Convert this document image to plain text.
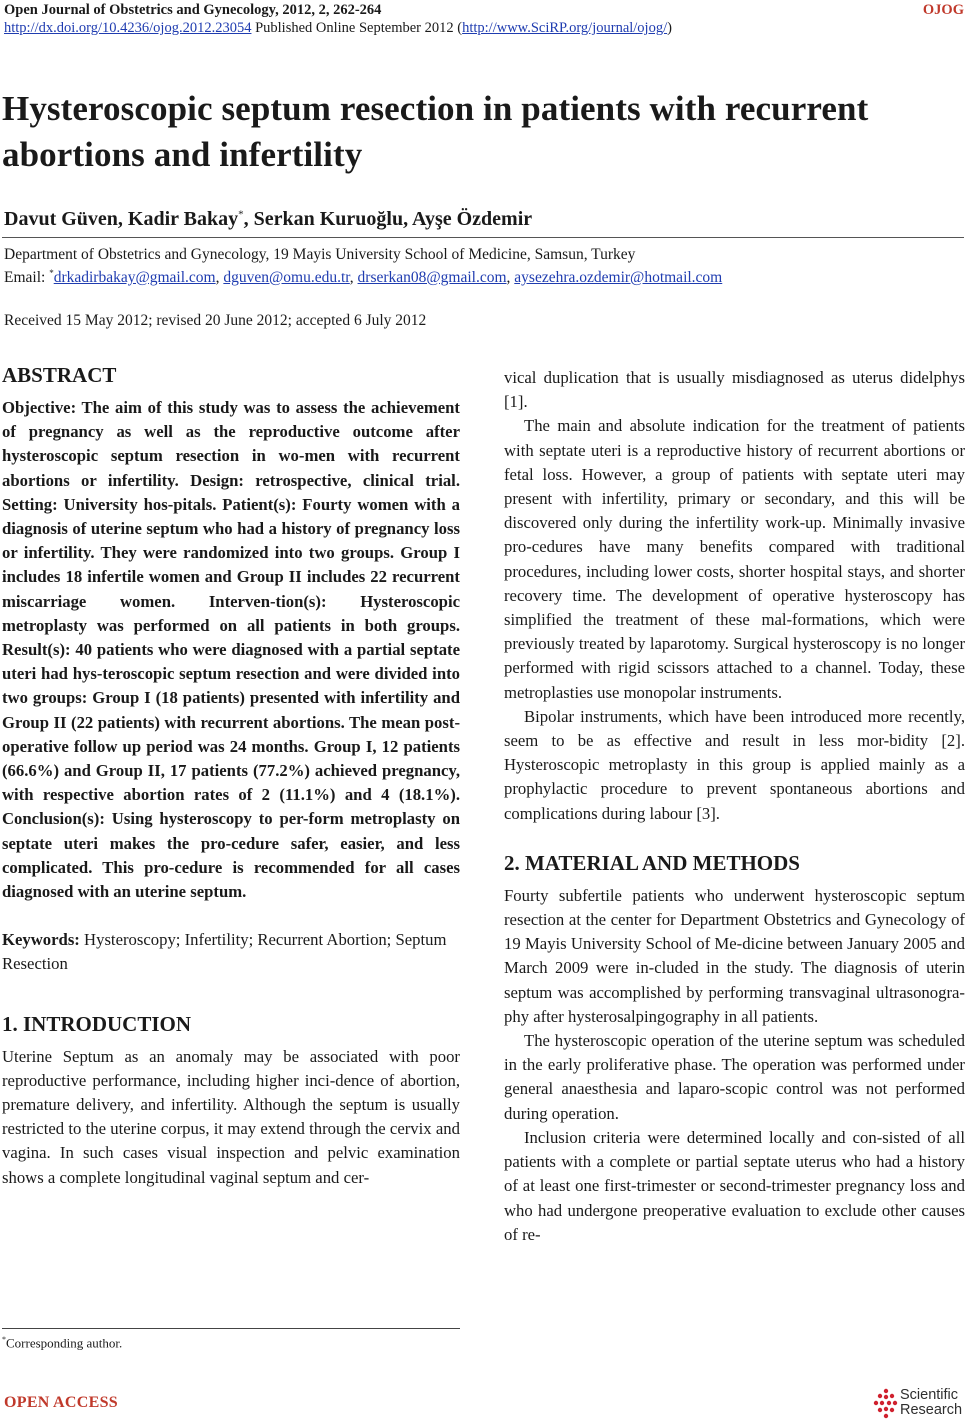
Open Journal of Obstetrics and Gynecology, 2012, 2, 262-264	OJOG
http://dx.doi.org/10.4236/ojog.2012.23054 Published Online September 2012 (http://www.SciRP.org/journal/ojog/)
Hysteroscopic septum resection in patients with recurrent abortions and infertility
Davut Güven, Kadir Bakay*, Serkan Kuruoğlu, Ayşe Özdemir
Department of Obstetrics and Gynecology, 19 Mayis University School of Medicine, Samsun, Turkey
Email: *drkadirbakay@gmail.com, dguven@omu.edu.tr, drserkan08@gmail.com, aysezehra.ozdemir@hotmail.com
Received 15 May 2012; revised 20 June 2012; accepted 6 July 2012
ABSTRACT

Objective: The aim of this study was to assess the achievement of pregnancy as well as the reproductive outcome after hysteroscopic septum resection in wo-men with recurrent abortions or infertility. Design: retrospective, clinical trial. Setting: University hos-pitals. Patient(s): Fourty women with a diagnosis of uterine septum who had a history of pregnancy loss or infertility. They were randomized into two groups. Group I includes 18 infertile women and Group II includes 22 recurrent miscarriage women. Interven-tion(s): Hysteroscopic metroplasty was performed on all patients in both groups. Result(s): 40 patients who were diagnosed with a partial septate uteri had hys-teroscopic septum resection and were divided into two groups: Group I (18 patients) presented with infertility and Group II (22 patients) with recurrent abortions. The mean post-operative follow up period was 24 months. Group I, 12 patients (66.6%) and Group II, 17 patients (77.2%) achieved pregnancy, with respective abortion rates of 2 (11.1%) and 4 (18.1%). Conclusion(s): Using hysteroscopy to per-form metroplasty on septate uteri makes the pro-cedure safer, easier, and less complicated. This pro-cedure is recommended for all cases diagnosed with an uterine septum.

Keywords: Hysteroscopy; Infertility; Recurrent Abortion; Septum Resection

1. INTRODUCTION

Uterine Septum as an anomaly may be associated with poor reproductive performance, including higher inci-dence of abortion, premature delivery, and infertility. Although the septum is usually restricted to the uterine corpus, it may extend through the cervix and vagina. In such cases visual inspection and pelvic examination shows a complete longitudinal vaginal septum and cer-

vical duplication that is usually misdiagnosed as uterus didelphys [1].

The main and absolute indication for the treatment of patients with septate uteri is a reproductive history of recurrent abortions or fetal loss. However, a group of patients with septate uteri may present with infertility, primary or secondary, and this will be discovered only during the infertility work-up. Minimally invasive pro-cedures have many benefits compared with traditional procedures, including lower costs, shorter hospital stays, and shorter recovery time. The development of operative hysteroscopy has simplified the treatment of these mal-formations, which were previously treated by laparotomy. Surgical hysteroscopy is no longer performed with rigid scissors attached to a channel. Today, these metroplasties use monopolar instruments.

Bipolar instruments, which have been introduced more recently, seem to be as effective and result in less mor-bidity [2]. Hysteroscopic metroplasty in this group is applied mainly as a prophylactic procedure to prevent spontaneous abortions and complications during labour [3].

2. MATERIAL AND METHODS

Fourty subfertile patients who underwent hysteroscopic septum resection at the center for Department Obstetrics and Gynecology of 19 Mayis University School of Me-dicine between January 2005 and March 2009 were in-cluded in the study. The diagnosis of uterin septum was accomplished by performing transvaginal ultrasonogra-phy after hysterosalpingography in all patients.

The hysteroscopic operation of the uterine septum was scheduled in the early proliferative phase. The operation was performed under general anaesthesia and laparo-scopic control was not performed during operation.

Inclusion criteria were determined locally and con-sisted of all patients with a complete or partial septate uterus who had a history of at least one first-trimester or second-trimester pregnancy loss and who had undergone preoperative evaluation to exclude other causes of re-

*Corresponding author.
OPEN ACCESS	Scientific
Research
